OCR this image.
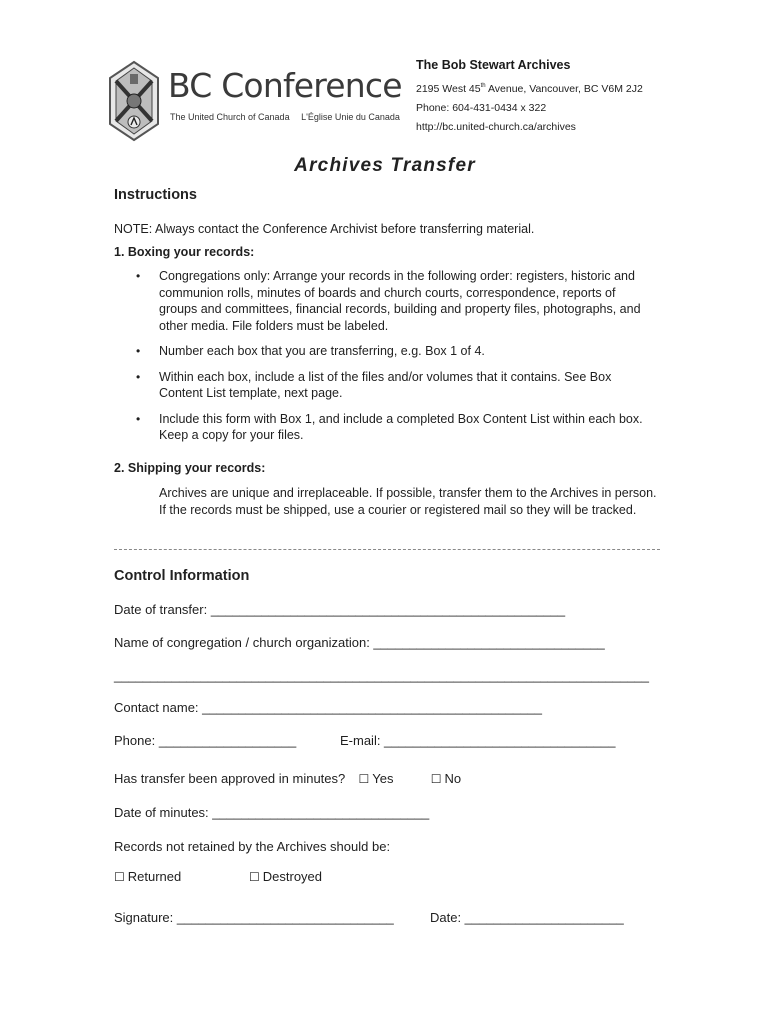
BC Conference
The United Church of Canada L'Église Unie du Canada
The Bob Stewart Archives
2195 West 45th Avenue, Vancouver, BC V6M 2J2
Phone: 604-431-0434 x 322
http://bc.united-church.ca/archives
Archives Transfer
Instructions
NOTE: Always contact the Conference Archivist before transferring material.
1. Boxing your records:
• Congregations only: Arrange your records in the following order: registers, historic and communion rolls, minutes of boards and church courts, correspondence, reports of groups and committees, financial records, building and property files, photographs, and other media. File folders must be labeled.
• Number each box that you are transferring, e.g. Box 1 of 4.
• Within each box, include a list of the files and/or volumes that it contains. See Box Content List template, next page.
• Include this form with Box 1, and include a completed Box Content List within each box. Keep a copy for your files.
2. Shipping your records:
Archives are unique and irreplaceable. If possible, transfer them to the Archives in person. If the records must be shipped, use a courier or registered mail so they will be tracked.
Control Information
Date of transfer: _________________________________________________
Name of congregation / church organization: ________________________________
__________________________________________________________________________
Contact name: _______________________________________________
Phone: ___________________	E-mail: ________________________________
Has transfer been approved in minutes? ☐ Yes	☐ No
Date of minutes: ______________________________
Records not retained by the Archives should be:
☐ Returned	☐ Destroyed
Signature: ______________________________	Date: ______________________
